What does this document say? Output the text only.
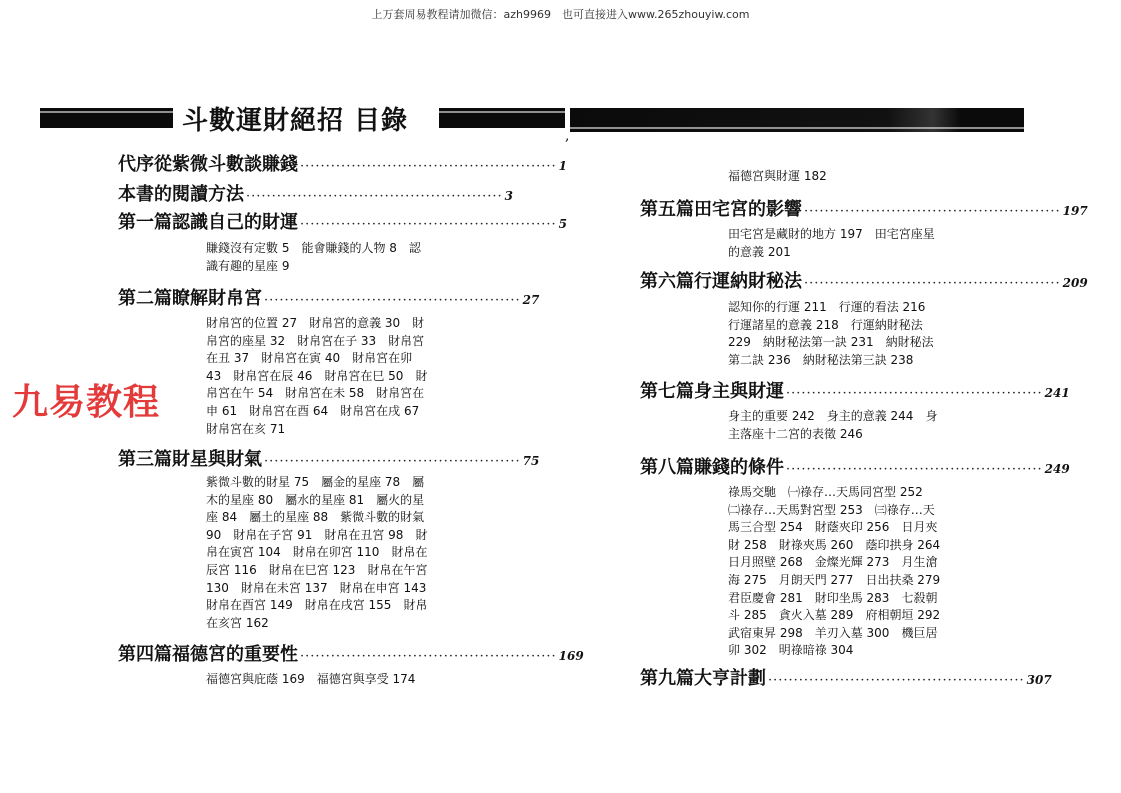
上万套周易教程请加微信：azh9969　也可直接进入www.265zhouyiw.com
斗數運財絕招 目錄	,
九易教程
代序 從紫微斗數談賺錢 ·················································· 1
本書的閱讀方法 ·················································· 3
第一篇 認識自己的財運 ·················································· 5
賺錢沒有定數 5　能會賺錢的人物 8　認
識有趣的星座 9
第二篇 瞭解財帛宮 ·················································· 27
財帛宮的位置 27　財帛宮的意義 30　財
帛宮的座星 32　財帛宮在子 33　財帛宮
在丑 37　財帛宮在寅 40　財帛宮在卯
43　財帛宮在辰 46　財帛宮在巳 50　財
帛宮在午 54　財帛宮在未 58　財帛宮在
申 61　財帛宮在酉 64　財帛宮在戌 67
財帛宮在亥 71
第三篇 財星與財氣 ·················································· 75
紫微斗數的財星 75　屬金的星座 78　屬
木的星座 80　屬水的星座 81　屬火的星
座 84　屬土的星座 88　紫微斗數的財氣
90　財帛在子宮 91　財帛在丑宮 98　財
帛在寅宮 104　財帛在卯宮 110　財帛在
辰宮 116　財帛在巳宮 123　財帛在午宮
130　財帛在未宮 137　財帛在申宮 143
財帛在酉宮 149　財帛在戌宮 155　財帛
在亥宮 162
第四篇 福德宮的重要性 ·················································· 169
福德宮與庇蔭 169　福德宮與享受 174
福德宮與財運 182
第五篇 田宅宮的影響 ·················································· 197
田宅宮是藏財的地方 197　田宅宮座星
的意義 201
第六篇 行運納財秘法 ·················································· 209
認知你的行運 211　行運的看法 216
行運諸星的意義 218　行運納財秘法
229　納財秘法第一訣 231　納財秘法
第二訣 236　納財秘法第三訣 238
第七篇 身主與財運 ·················································· 241
身主的重要 242　身主的意義 244　身
主落座十二宮的表徵 246
第八篇 賺錢的條件 ·················································· 249
祿馬交馳　㈠祿存…天馬同宮型 252
㈡祿存…天馬對宮型 253　㈢祿存…天
馬三合型 254　財蔭夾印 256　日月夾
財 258　財祿夾馬 260　蔭印拱身 264
日月照壁 268　金燦光輝 273　月生滄
海 275　月朗天門 277　日出扶桑 279
君臣慶會 281　財印坐馬 283　七殺朝
斗 285　貪火入墓 289　府相朝垣 292
武宿東昇 298　羊刃入墓 300　機巨居
卯 302　明祿暗祿 304
第九篇 大亨計劃 ·················································· 307
